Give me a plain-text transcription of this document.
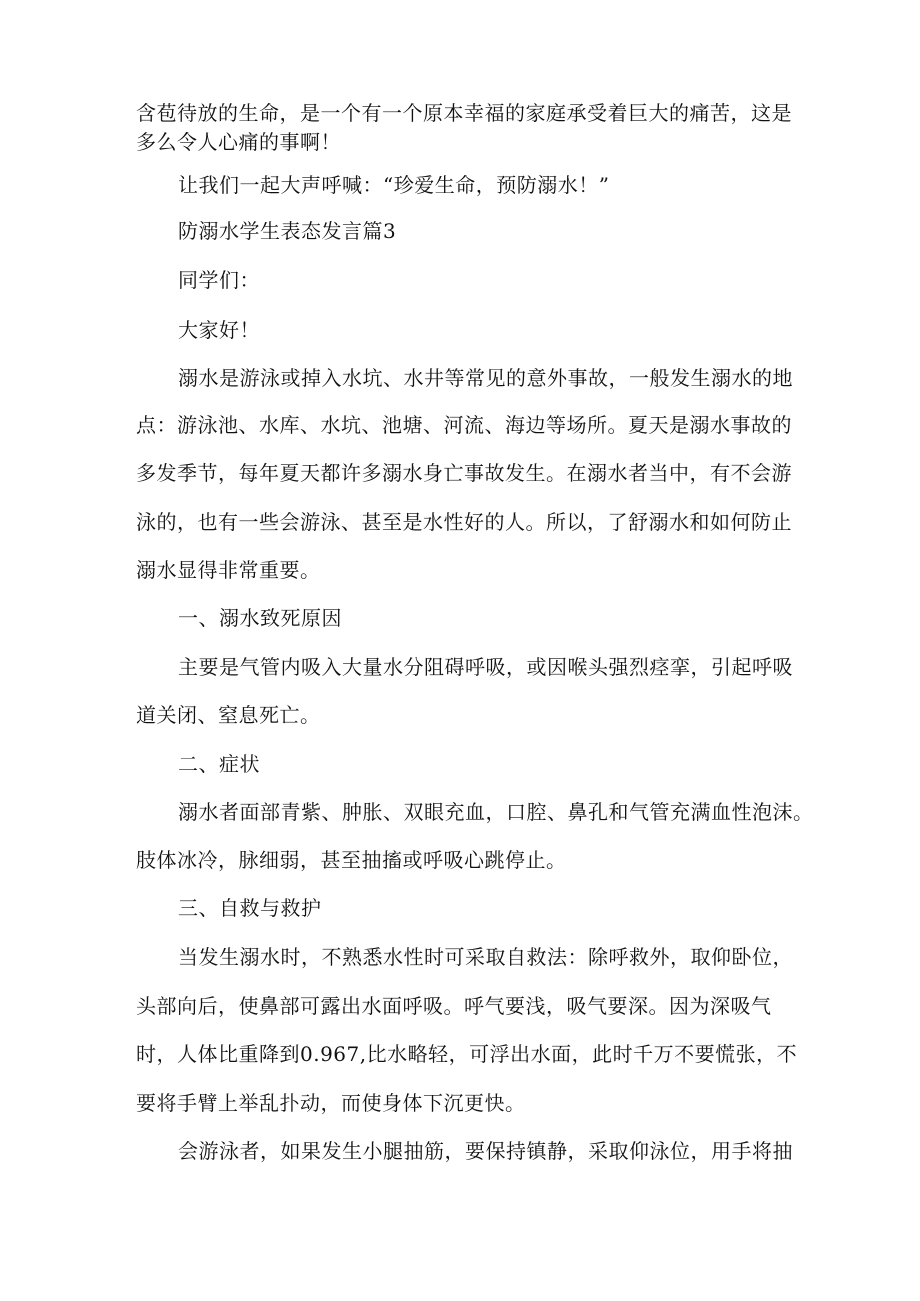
含苞待放的生命，是一个有一个原本幸福的家庭承受着巨大的痛苦，这是
多么令人心痛的事啊！
让我们一起大声呼喊：“珍爱生命，预防溺水！”
防溺水学生表态发言篇3
同学们：
大家好！
溺水是游泳或掉入水坑、水井等常见的意外事故，一般发生溺水的地
点：游泳池、水库、水坑、池塘、河流、海边等场所。夏天是溺水事故的
多发季节，每年夏天都许多溺水身亡事故发生。在溺水者当中，有不会游
泳的，也有一些会游泳、甚至是水性好的人。所以，了舒溺水和如何防止
溺水显得非常重要。
一、溺水致死原因
主要是气管内吸入大量水分阻碍呼吸，或因喉头强烈痉挛，引起呼吸
道关闭、窒息死亡。
二、症状
溺水者面部青紫、肿胀、双眼充血，口腔、鼻孔和气管充满血性泡沫。
肢体冰冷，脉细弱，甚至抽搐或呼吸心跳停止。
三、自救与救护
当发生溺水时，不熟悉水性时可采取自救法：除呼救外，取仰卧位，
头部向后，使鼻部可露出水面呼吸。呼气要浅，吸气要深。因为深吸气
时，人体比重降到0.967,比水略轻，可浮出水面，此时千万不要慌张，不
要将手臂上举乱扑动，而使身体下沉更快。
会游泳者，如果发生小腿抽筋，要保持镇静，采取仰泳位，用手将抽
